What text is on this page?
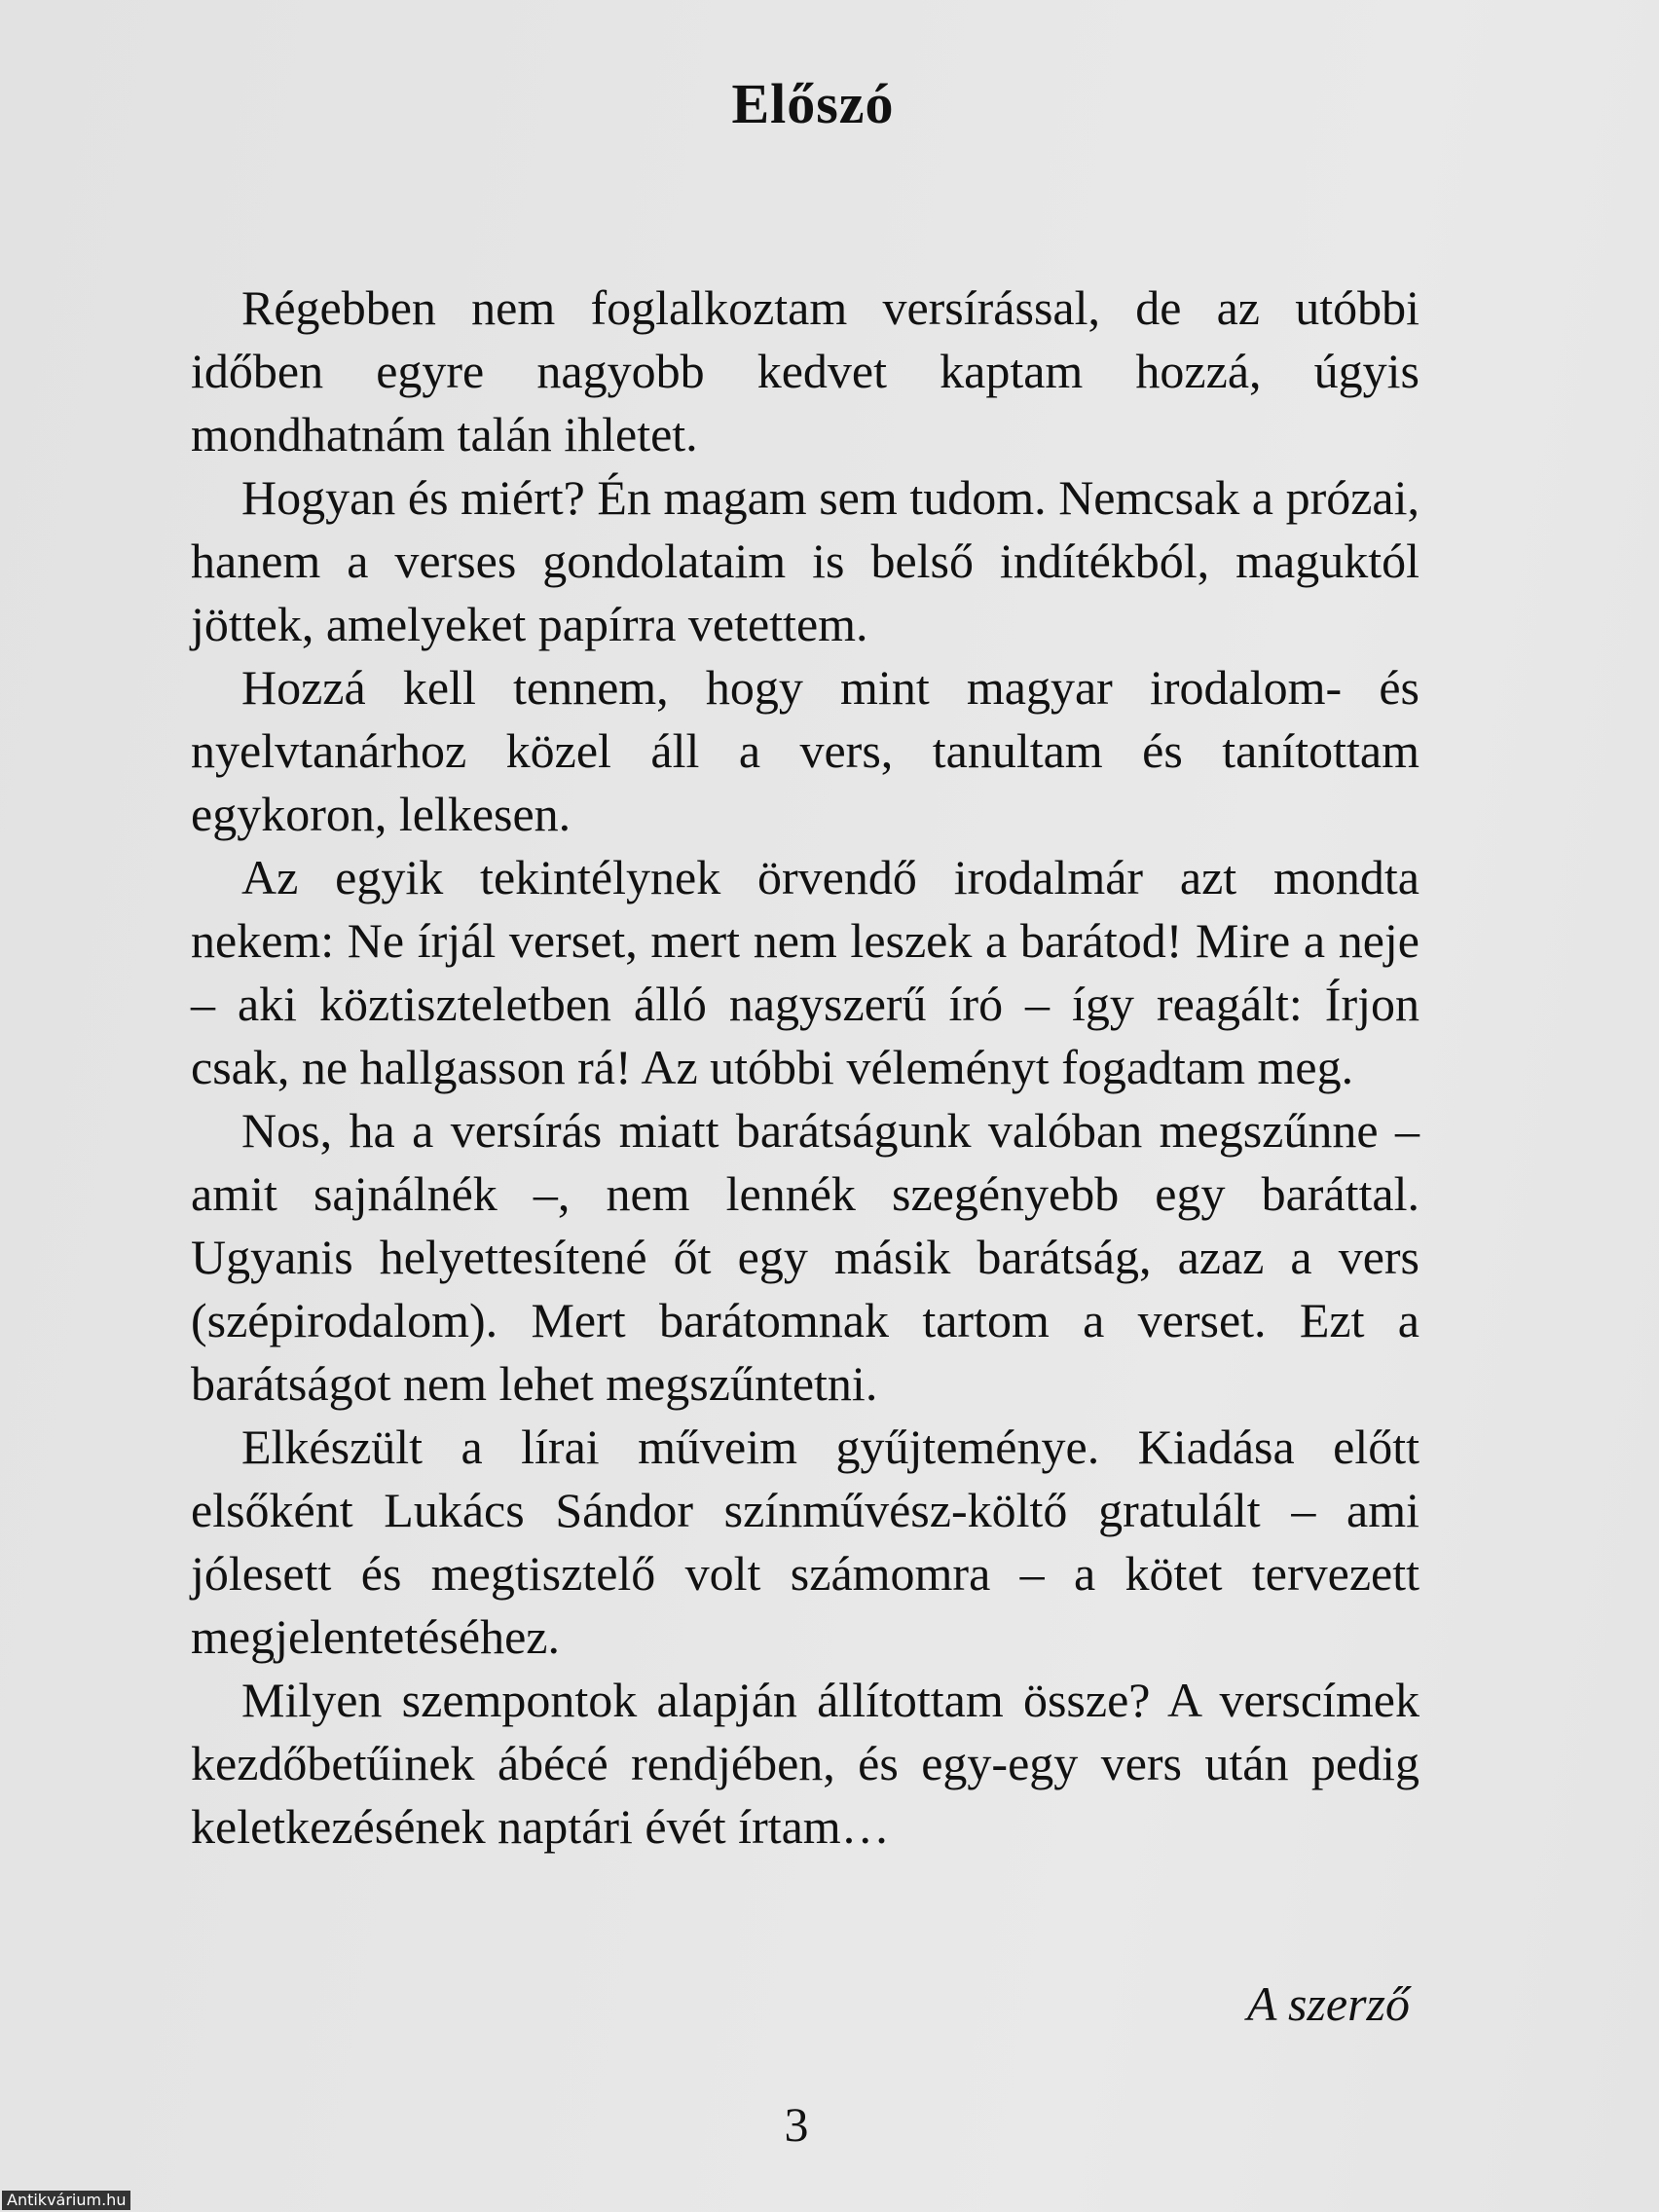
Előszó

Régebben nem foglalkoztam versírással, de az utóbbi időben egyre nagyobb kedvet kaptam hozzá, úgyis mondhatnám talán ihletet.

Hogyan és miért? Én magam sem tudom. Nemcsak a prózai, hanem a verses gondolataim is belső indítékból, maguktól jöttek, amelyeket papírra vetettem.

Hozzá kell tennem, hogy mint magyar irodalom- és nyelvtanárhoz közel áll a vers, tanultam és tanítottam egykoron, lelkesen.

Az egyik tekintélynek örvendő irodalmár azt mondta nekem: Ne írjál verset, mert nem leszek a barátod! Mire a neje – aki köztiszteletben álló nagyszerű író – így reagált: Írjon csak, ne hallgasson rá! Az utóbbi véleményt fogadtam meg.

Nos, ha a versírás miatt barátságunk valóban megszűnne – amit sajnálnék –, nem lennék szegényebb egy baráttal. Ugyanis helyettesítené őt egy másik barátság, azaz a vers (szépirodalom). Mert barátomnak tartom a verset. Ezt a barátságot nem lehet megszűntetni.

Elkészült a lírai műveim gyűjteménye. Kiadása előtt elsőként Lukács Sándor színművész-költő gratulált – ami jólesett és megtisztelő volt számomra – a kötet tervezett megjelentetéséhez.

Milyen szempontok alapján állítottam össze? A verscímek kezdőbetűinek ábécé rendjében, és egy-egy vers után pedig keletkezésének naptári évét írtam…

A szerző
3
Antikvárium.hu
